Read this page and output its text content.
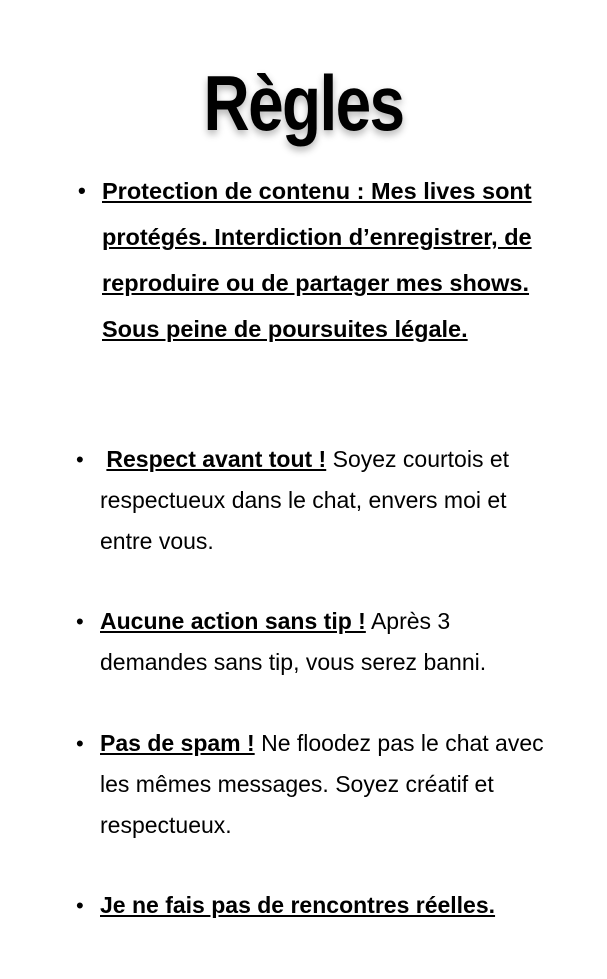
Règles
• Protection de contenu : Mes lives sont protégés. Interdiction d’enregistrer, de reproduire ou de partager mes shows. Sous peine de poursuites légale.
• Respect avant tout ! Soyez courtois et respectueux dans le chat, envers moi et entre vous.
• Aucune action sans tip ! Après 3 demandes sans tip, vous serez banni.
• Pas de spam ! Ne floodez pas le chat avec les mêmes messages. Soyez créatif et respectueux.
• Je ne fais pas de rencontres réelles.
